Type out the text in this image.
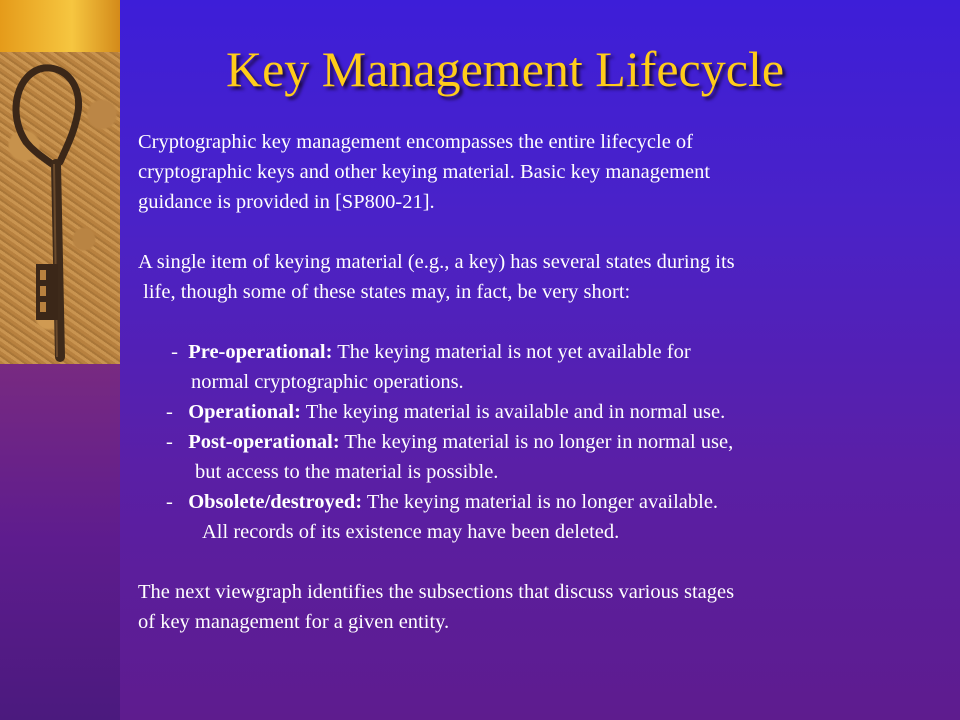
Key Management Lifecycle

Cryptographic key management encompasses the entire lifecycle of

cryptographic keys and other keying material. Basic key management

guidance is provided in [SP800-21].

A single item of keying material (e.g., a key) has several states during its

life, though some of these states may, in fact, be very short:

-  Pre-operational: The keying material is not yet available for

normal cryptographic operations.

-   Operational: The keying material is available and in normal use.

-   Post-operational: The keying material is no longer in normal use,

but access to the material is possible.

-   Obsolete/destroyed: The keying material is no longer available.

All records of its existence may have been deleted.

The next viewgraph identifies the subsections that discuss various stages

of key management for a given entity.
